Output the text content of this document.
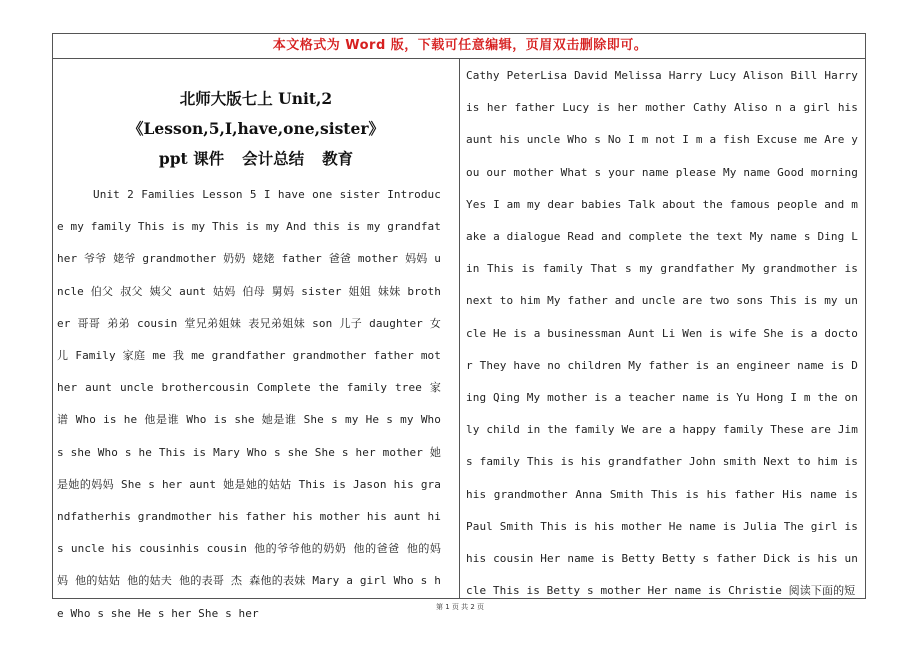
本文格式为 Word 版，下载可任意编辑，页眉双击删除即可。
北师大版七上 Unit,2《Lesson,5,I,have,one,sister》
ppt 课件 会计总结 教育
Unit 2 Families Lesson 5 I have one sister Introduce my family This is my This is my And this is my grandfather 爷爷 姥爷 grandmother 奶奶 姥姥 father 爸爸 mother 妈妈 uncle 伯父 叔父 姨父 aunt 姑妈 伯母 舅妈 sister 姐姐 妹妹 brother 哥哥 弟弟 cousin 堂兄弟姐妹 表兄弟姐妹 son 儿子 daughter 女儿 Family 家庭 me 我 me grandfather grandmother father mother aunt uncle brothercousin Complete the family tree 家谱 Who is he 他是谁 Who is she 她是谁 She s my He s my Who s she Who s he This is Mary Who s she She s her mother 她是她的妈妈 She s her aunt 她是她的姑姑 This is Jason his grandfatherhis grandmother his father his mother his aunt his uncle his cousinhis cousin 他的爷爷他的奶奶 他的爸爸 他的妈妈 他的姑姑 他的姑夫 他的表哥 杰 森他的表妹 Mary a girl Who s he Who s she He s her She s her
Cathy PeterLisa David Melissa Harry Lucy Alison Bill Harry is her father Lucy is her mother Cathy Aliso n a girl his aunt his uncle Who s No I m not I m a fish Excuse me Are you our mother What s your name please My name Good morning Yes I am my dear babies Talk about the famous people and make a dialogue Read and complete the text My name s Ding Lin This is family That s my grandfather My grandmother is next to him My father and uncle are two sons This is my uncle He is a businessman Aunt Li Wen is wife She is a doctor They have no children My father is an engineer name is Ding Qing My mother is a teacher name is Yu Hong I m the only child in the family We are a happy family These are Jim s family This is his grandfather John smith Next to him is his grandmother Anna Smith This is his father His name is Paul Smith This is his mother He name is Julia The girl is his cousin Her name is Betty Betty s father Dick is his uncle This is Betty s mother Her name is Christie 阅读下面的短
第 1 页 共 2 页
